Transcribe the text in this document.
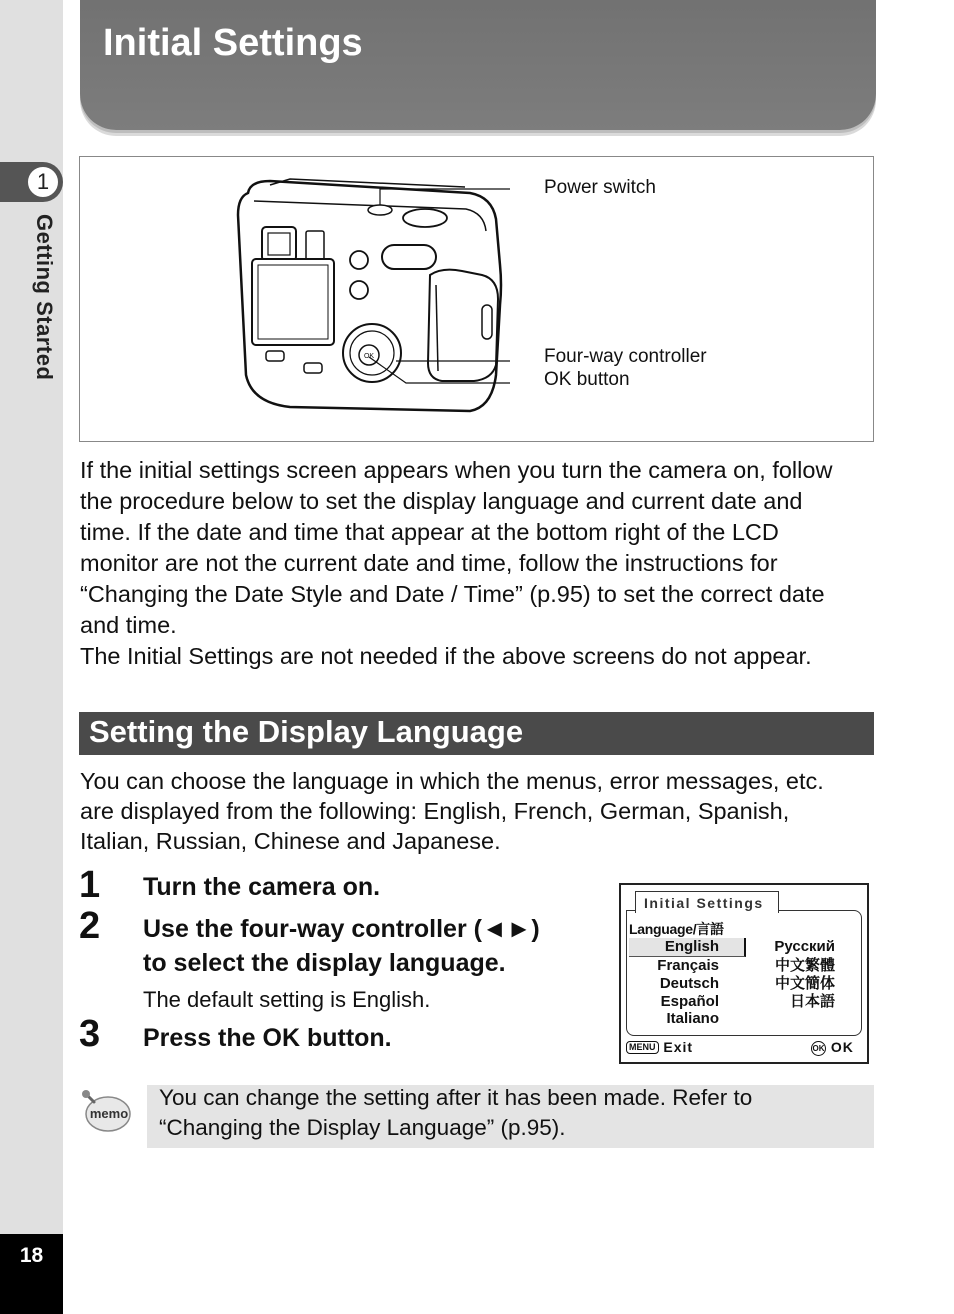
1
Getting Started
18
Initial Settings
OK
Power switch
Four-way controller
OK button
If the initial settings screen appears when you turn the camera on, follow
the procedure below to set the display language and current date and
time. If the date and time that appear at the bottom right of the LCD
monitor are not the current date and time, follow the instructions for
“Changing the Date Style and Date / Time” (p.95) to set the correct date
and time.
The Initial Settings are not needed if the above screens do not appear.
Setting the Display Language
You can choose the language in which the menus, error messages, etc.
are displayed from the following: English, French, German, Spanish,
Italian, Russian, Chinese and Japanese.
1 Turn the camera on.
2 Use the four-way controller (◄►)
to select the display language.
The default setting is English.
3 Press the OK button.
Initial Settings
Language/言語
English
Français
Deutsch
Español
Italiano
Русский
中文繁體
中文簡体
日本語
MENU Exit	OK OK
memo
You can change the setting after it has been made. Refer to
“Changing the Display Language” (p.95).
